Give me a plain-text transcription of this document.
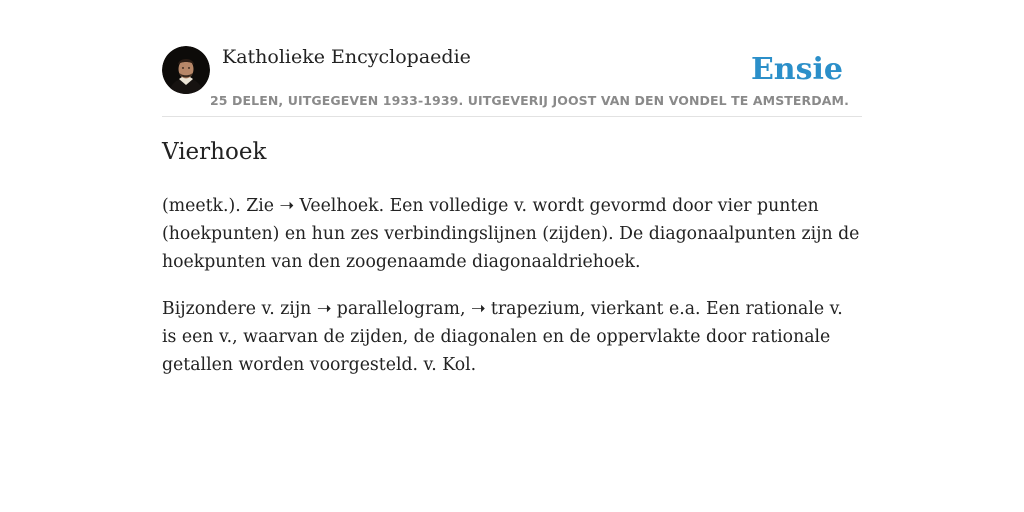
Katholieke Encyclopaedie
25 DELEN, UITGEGEVEN 1933-1939. UITGEVERIJ JOOST VAN DEN VONDEL TE AMSTERDAM.
Ensie
Vierhoek

(meetk.). Zie ➝ Veelhoek. Een volledige v. wordt gevormd door vier punten (hoekpunten) en hun zes verbindingslijnen (zijden). De diagonaalpunten zijn de hoekpunten van den zoogenaamde diagonaaldriehoek.

Bijzondere v. zijn ➝ parallelogram, ➝ trapezium, vierkant e.a. Een rationale v. is een v., waarvan de zijden, de diagonalen en de oppervlakte door rationale getallen worden voorgesteld. v. Kol.
